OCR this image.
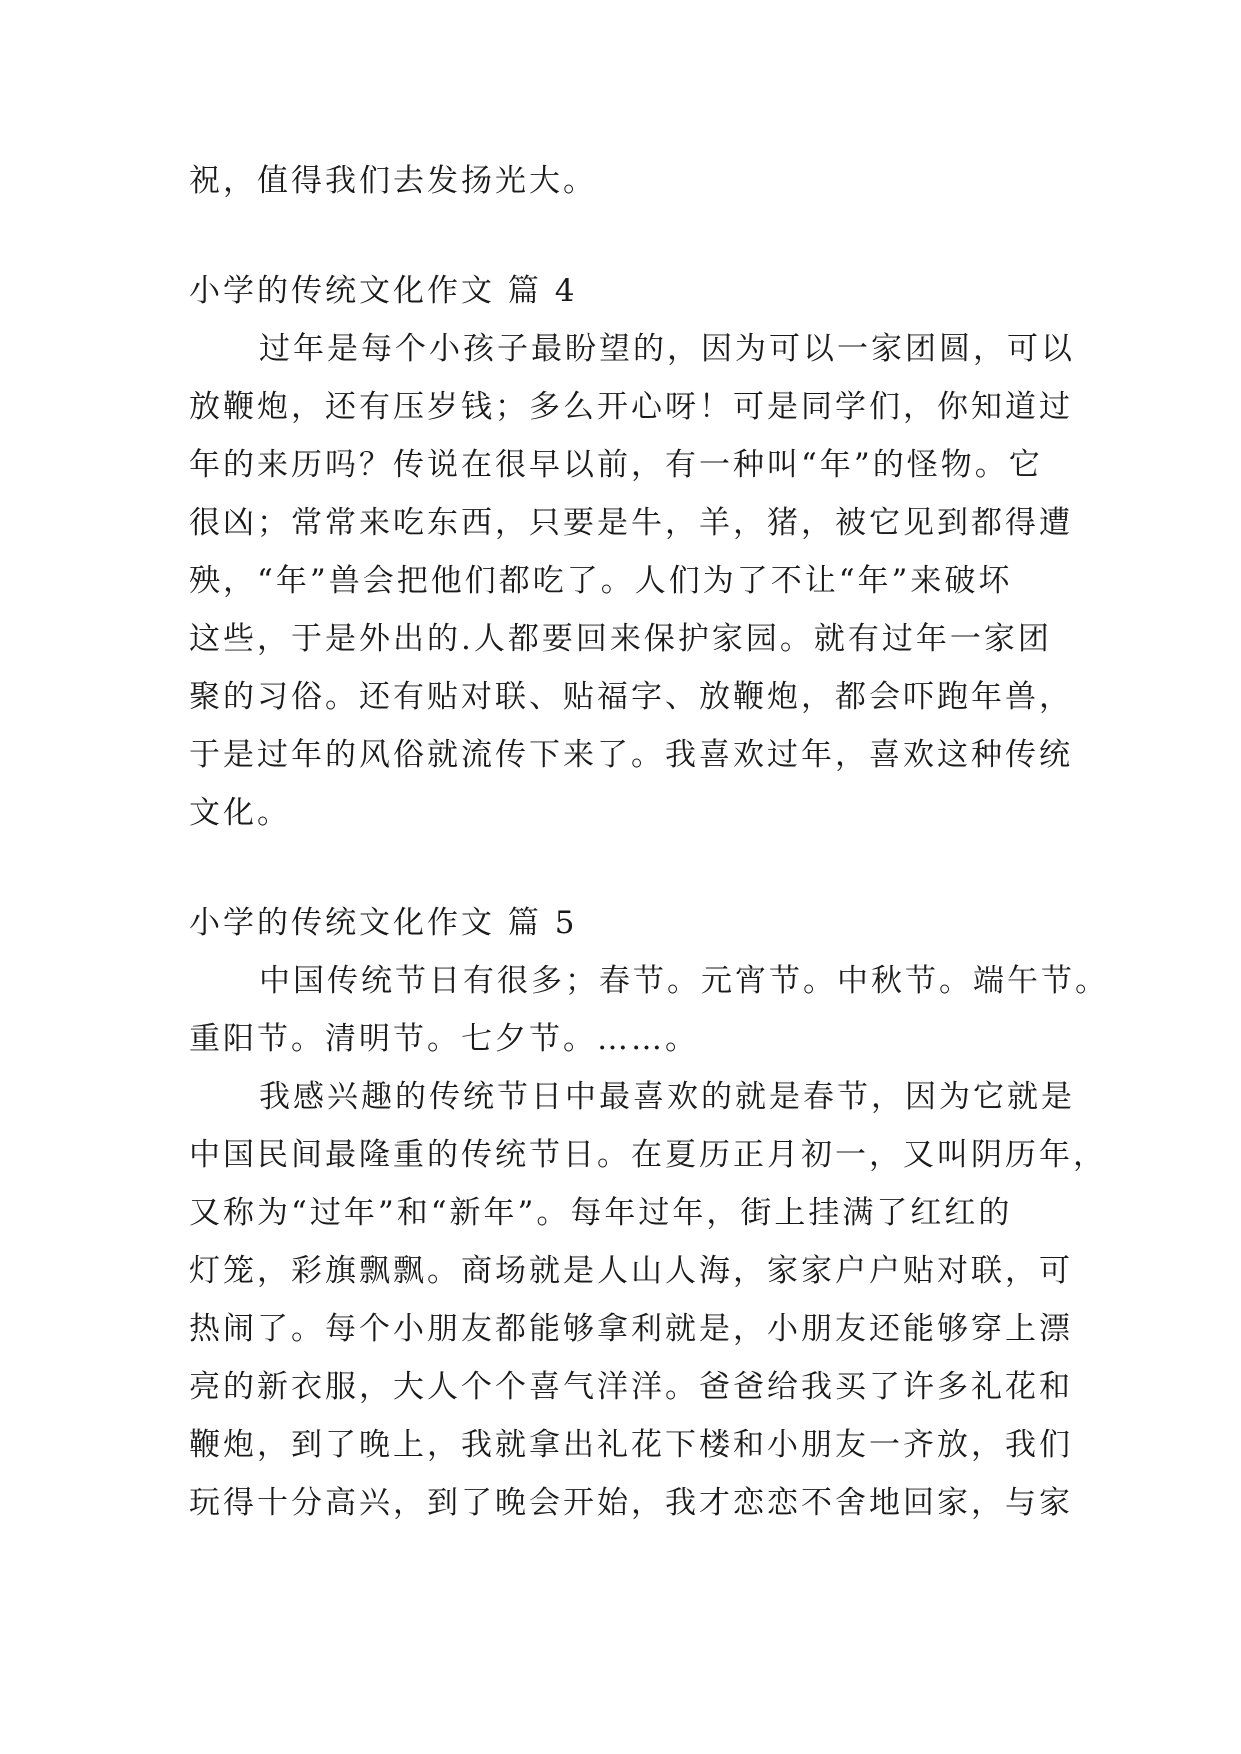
祝，值得我们去发扬光大。
小学的传统文化作文 篇 4
过年是每个小孩子最盼望的，因为可以一家团圆，可以
放鞭炮，还有压岁钱；多么开心呀！可是同学们，你知道过
年的来历吗？传说在很早以前，有一种叫“年”的怪物。它
很凶；常常来吃东西，只要是牛，羊，猪，被它见到都得遭
殃，“年”兽会把他们都吃了。人们为了不让“年”来破坏
这些，于是外出的.人都要回来保护家园。就有过年一家团
聚的习俗。还有贴对联、贴福字、放鞭炮，都会吓跑年兽，
于是过年的风俗就流传下来了。我喜欢过年，喜欢这种传统
文化。
小学的传统文化作文 篇 5
中国传统节日有很多；春节。元宵节。中秋节。端午节。
重阳节。清明节。七夕节。……。
我感兴趣的传统节日中最喜欢的就是春节，因为它就是
中国民间最隆重的传统节日。在夏历正月初一，又叫阴历年，
又称为“过年”和“新年”。每年过年，街上挂满了红红的
灯笼，彩旗飘飘。商场就是人山人海，家家户户贴对联，可
热闹了。每个小朋友都能够拿利就是，小朋友还能够穿上漂
亮的新衣服，大人个个喜气洋洋。爸爸给我买了许多礼花和
鞭炮，到了晚上，我就拿出礼花下楼和小朋友一齐放，我们
玩得十分高兴，到了晚会开始，我才恋恋不舍地回家，与家
